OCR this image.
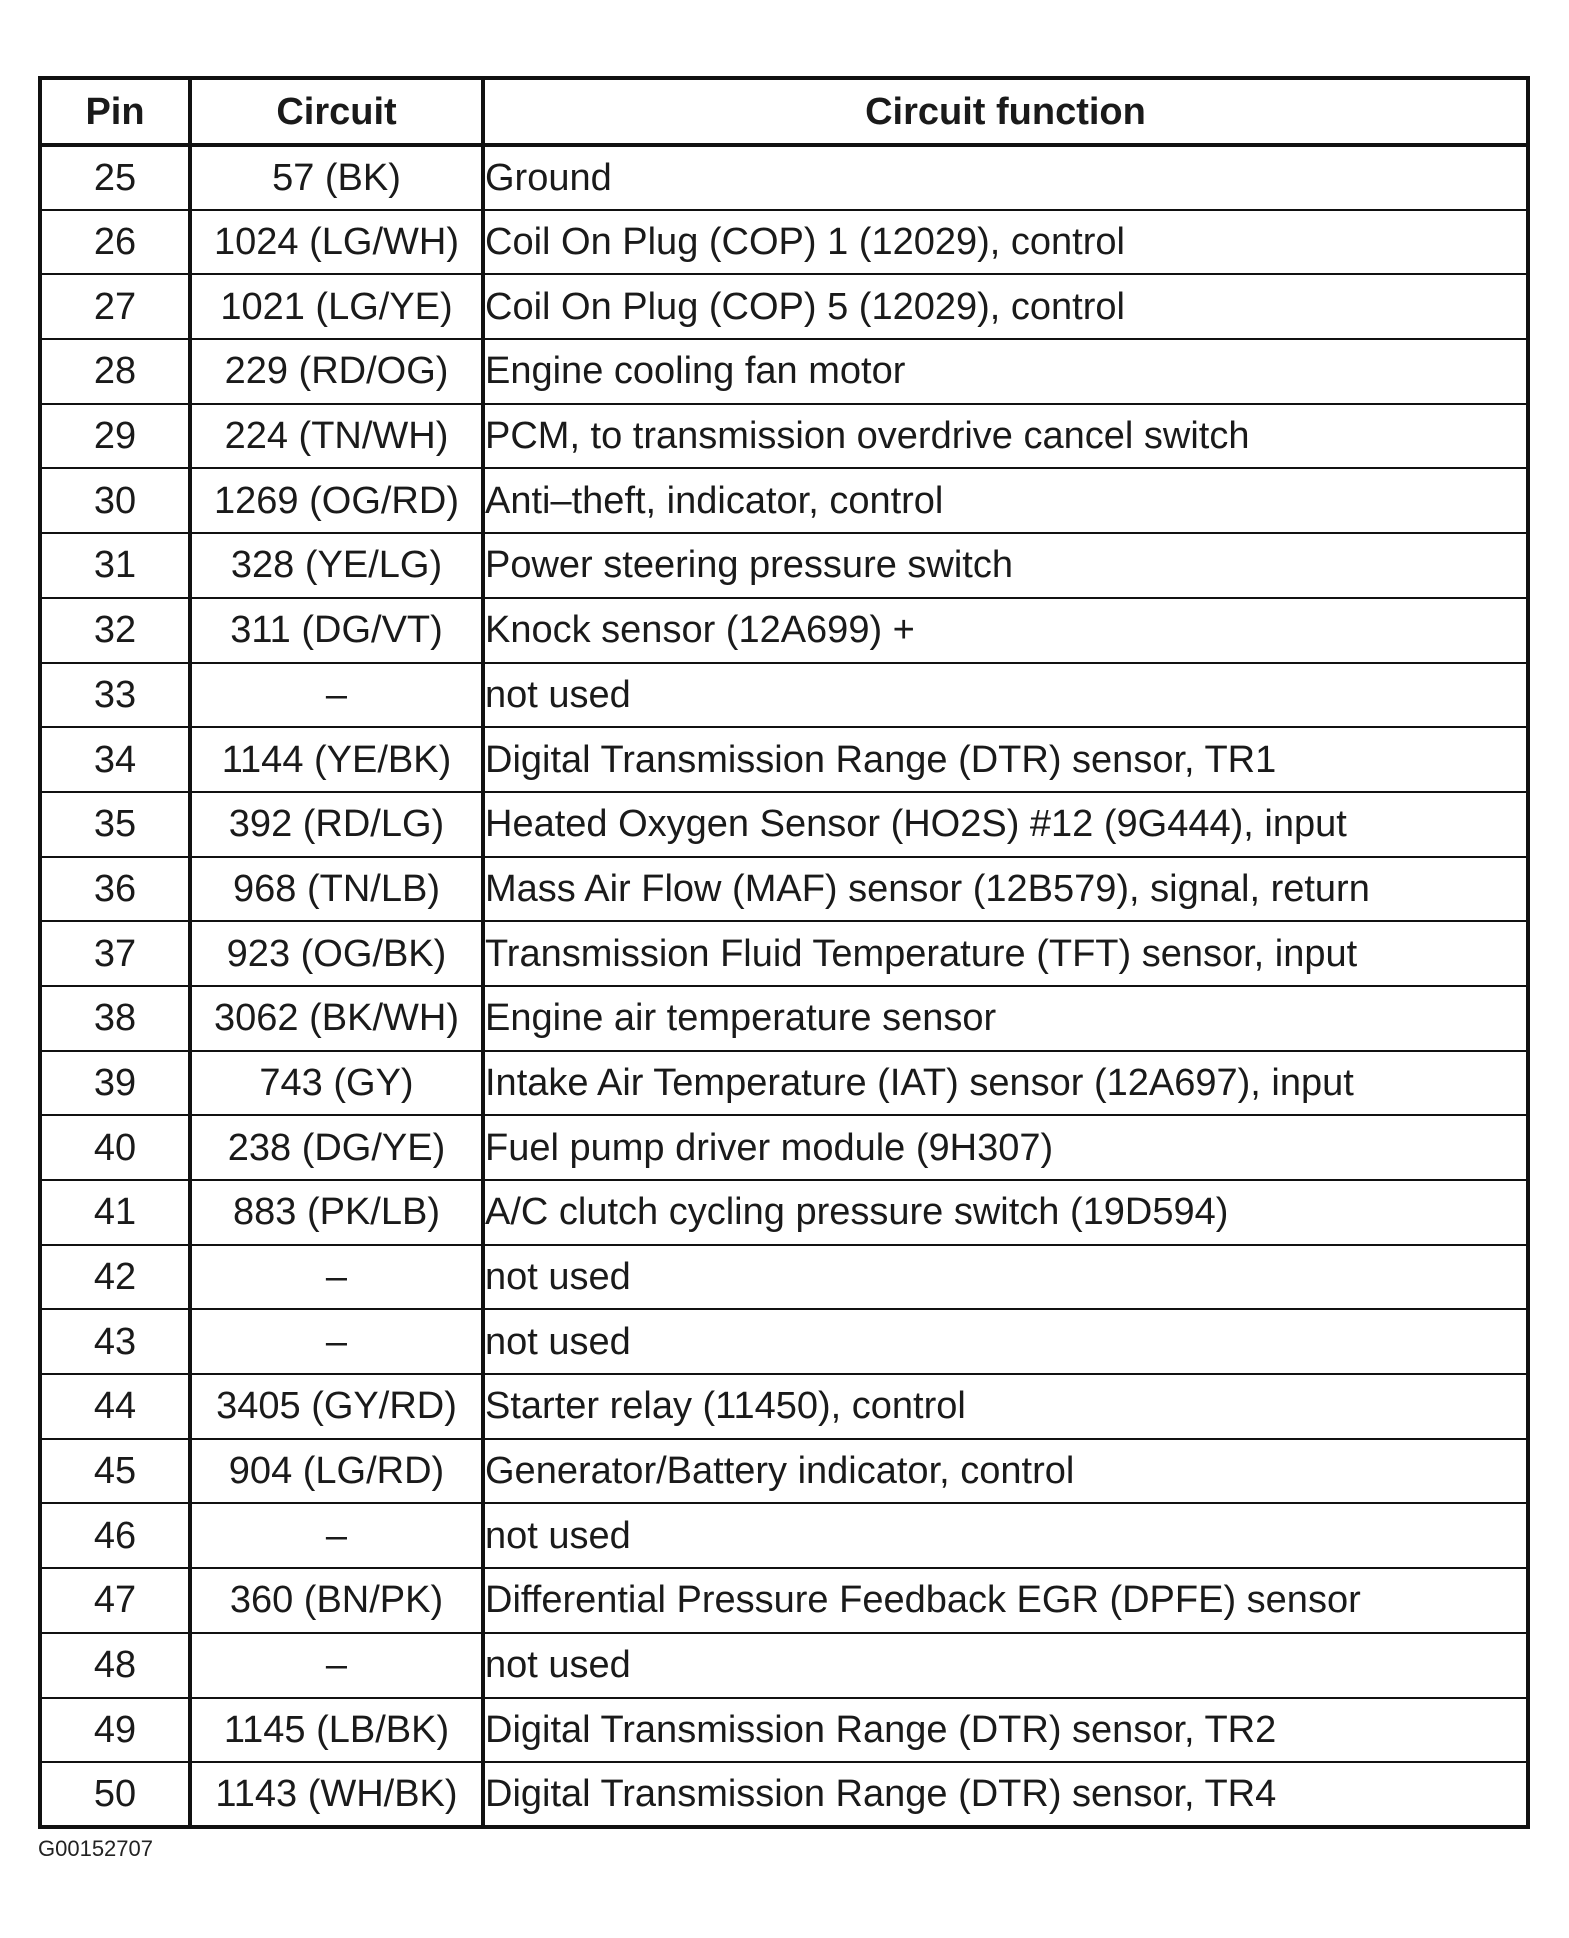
Pin	Circuit	Circuit function
25	57 (BK)	Ground
26	1024 (LG/WH)	Coil On Plug (COP) 1 (12029), control
27	1021 (LG/YE)	Coil On Plug (COP) 5 (12029), control
28	229 (RD/OG)	Engine cooling fan motor
29	224 (TN/WH)	PCM, to transmission overdrive cancel switch
30	1269 (OG/RD)	Anti–theft, indicator, control
31	328 (YE/LG)	Power steering pressure switch
32	311 (DG/VT)	Knock sensor (12A699) +
33	–	not used
34	1144 (YE/BK)	Digital Transmission Range (DTR) sensor, TR1
35	392 (RD/LG)	Heated Oxygen Sensor (HO2S) #12 (9G444), input
36	968 (TN/LB)	Mass Air Flow (MAF) sensor (12B579), signal, return
37	923 (OG/BK)	Transmission Fluid Temperature (TFT) sensor, input
38	3062 (BK/WH)	Engine air temperature sensor
39	743 (GY)	Intake Air Temperature (IAT) sensor (12A697), input
40	238 (DG/YE)	Fuel pump driver module (9H307)
41	883 (PK/LB)	A/C clutch cycling pressure switch (19D594)
42	–	not used
43	–	not used
44	3405 (GY/RD)	Starter relay (11450), control
45	904 (LG/RD)	Generator/Battery indicator, control
46	–	not used
47	360 (BN/PK)	Differential Pressure Feedback EGR (DPFE) sensor
48	–	not used
49	1145 (LB/BK)	Digital Transmission Range (DTR) sensor, TR2
50	1143 (WH/BK)	Digital Transmission Range (DTR) sensor, TR4
G00152707
